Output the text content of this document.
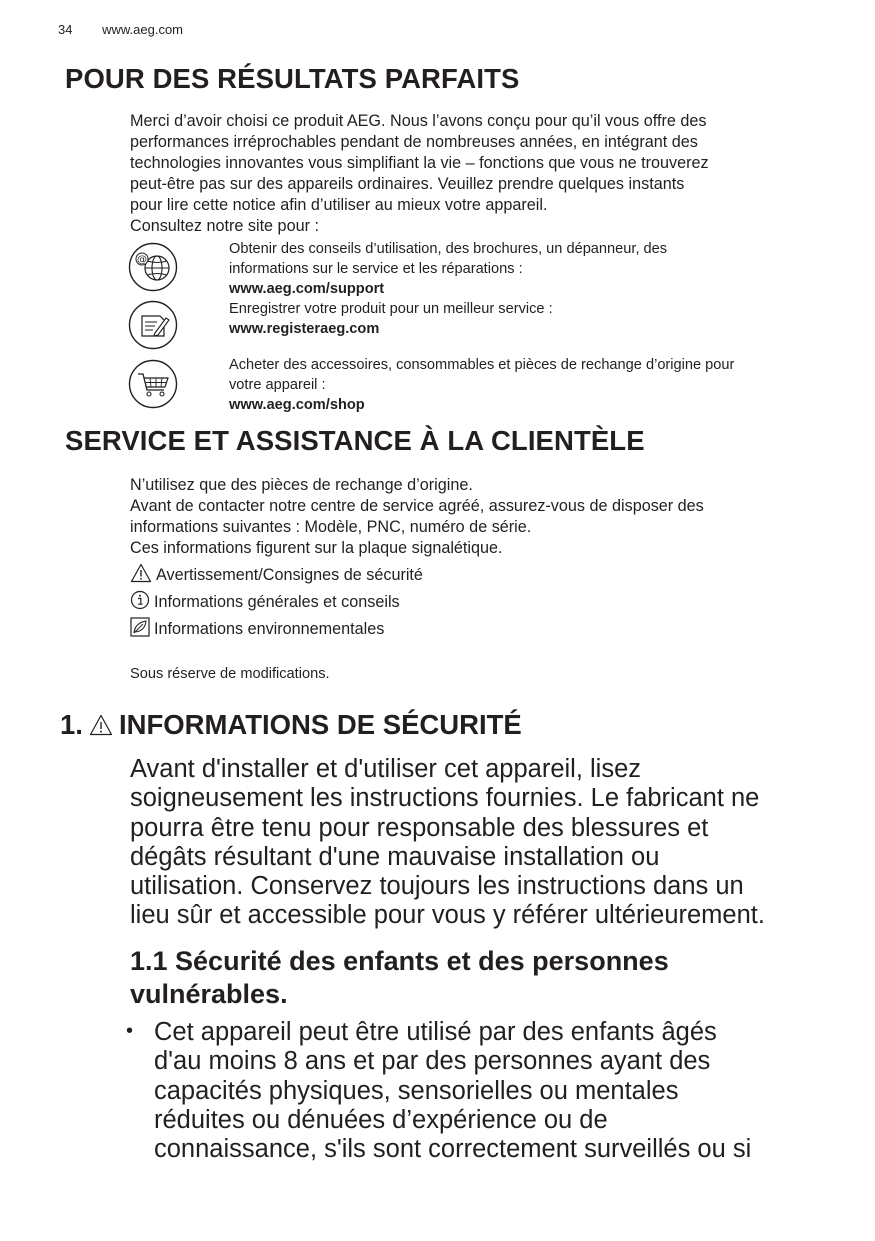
34 www.aeg.com
POUR DES RÉSULTATS PARFAITS
Merci d’avoir choisi ce produit AEG. Nous l’avons conçu pour qu’il vous offre des
performances irréprochables pendant de nombreuses années, en intégrant des
technologies innovantes vous simplifiant la vie – fonctions que vous ne trouverez
peut-être pas sur des appareils ordinaires. Veuillez prendre quelques instants
pour lire cette notice afin d’utiliser au mieux votre appareil.
Consultez notre site pour :
@
Obtenir des conseils d’utilisation, des brochures, un dépanneur, des
informations sur le service et les réparations :
www.aeg.com/support
Enregistrer votre produit pour un meilleur service :
www.registeraeg.com
Acheter des accessoires, consommables et pièces de rechange d’origine pour
votre appareil :
www.aeg.com/shop
SERVICE ET ASSISTANCE À LA CLIENTÈLE
N’utilisez que des pièces de rechange d’origine.
Avant de contacter notre centre de service agréé, assurez-vous de disposer des
informations suivantes : Modèle, PNC, numéro de série.
Ces informations figurent sur la plaque signalétique.
Avertissement/Consignes de sécurité
Informations générales et conseils
Informations environnementales
Sous réserve de modifications.
1. INFORMATIONS DE SÉCURITÉ
Avant d'installer et d'utiliser cet appareil, lisez
soigneusement les instructions fournies. Le fabricant ne
pourra être tenu pour responsable des blessures et
dégâts résultant d'une mauvaise installation ou
utilisation. Conservez toujours les instructions dans un
lieu sûr et accessible pour vous y référer ultérieurement.
1.1 Sécurité des enfants et des personnes
vulnérables.
• Cet appareil peut être utilisé par des enfants âgés
d'au moins 8 ans et par des personnes ayant des
capacités physiques, sensorielles ou mentales
réduites ou dénuées d’expérience ou de
connaissance, s'ils sont correctement surveillés ou si
